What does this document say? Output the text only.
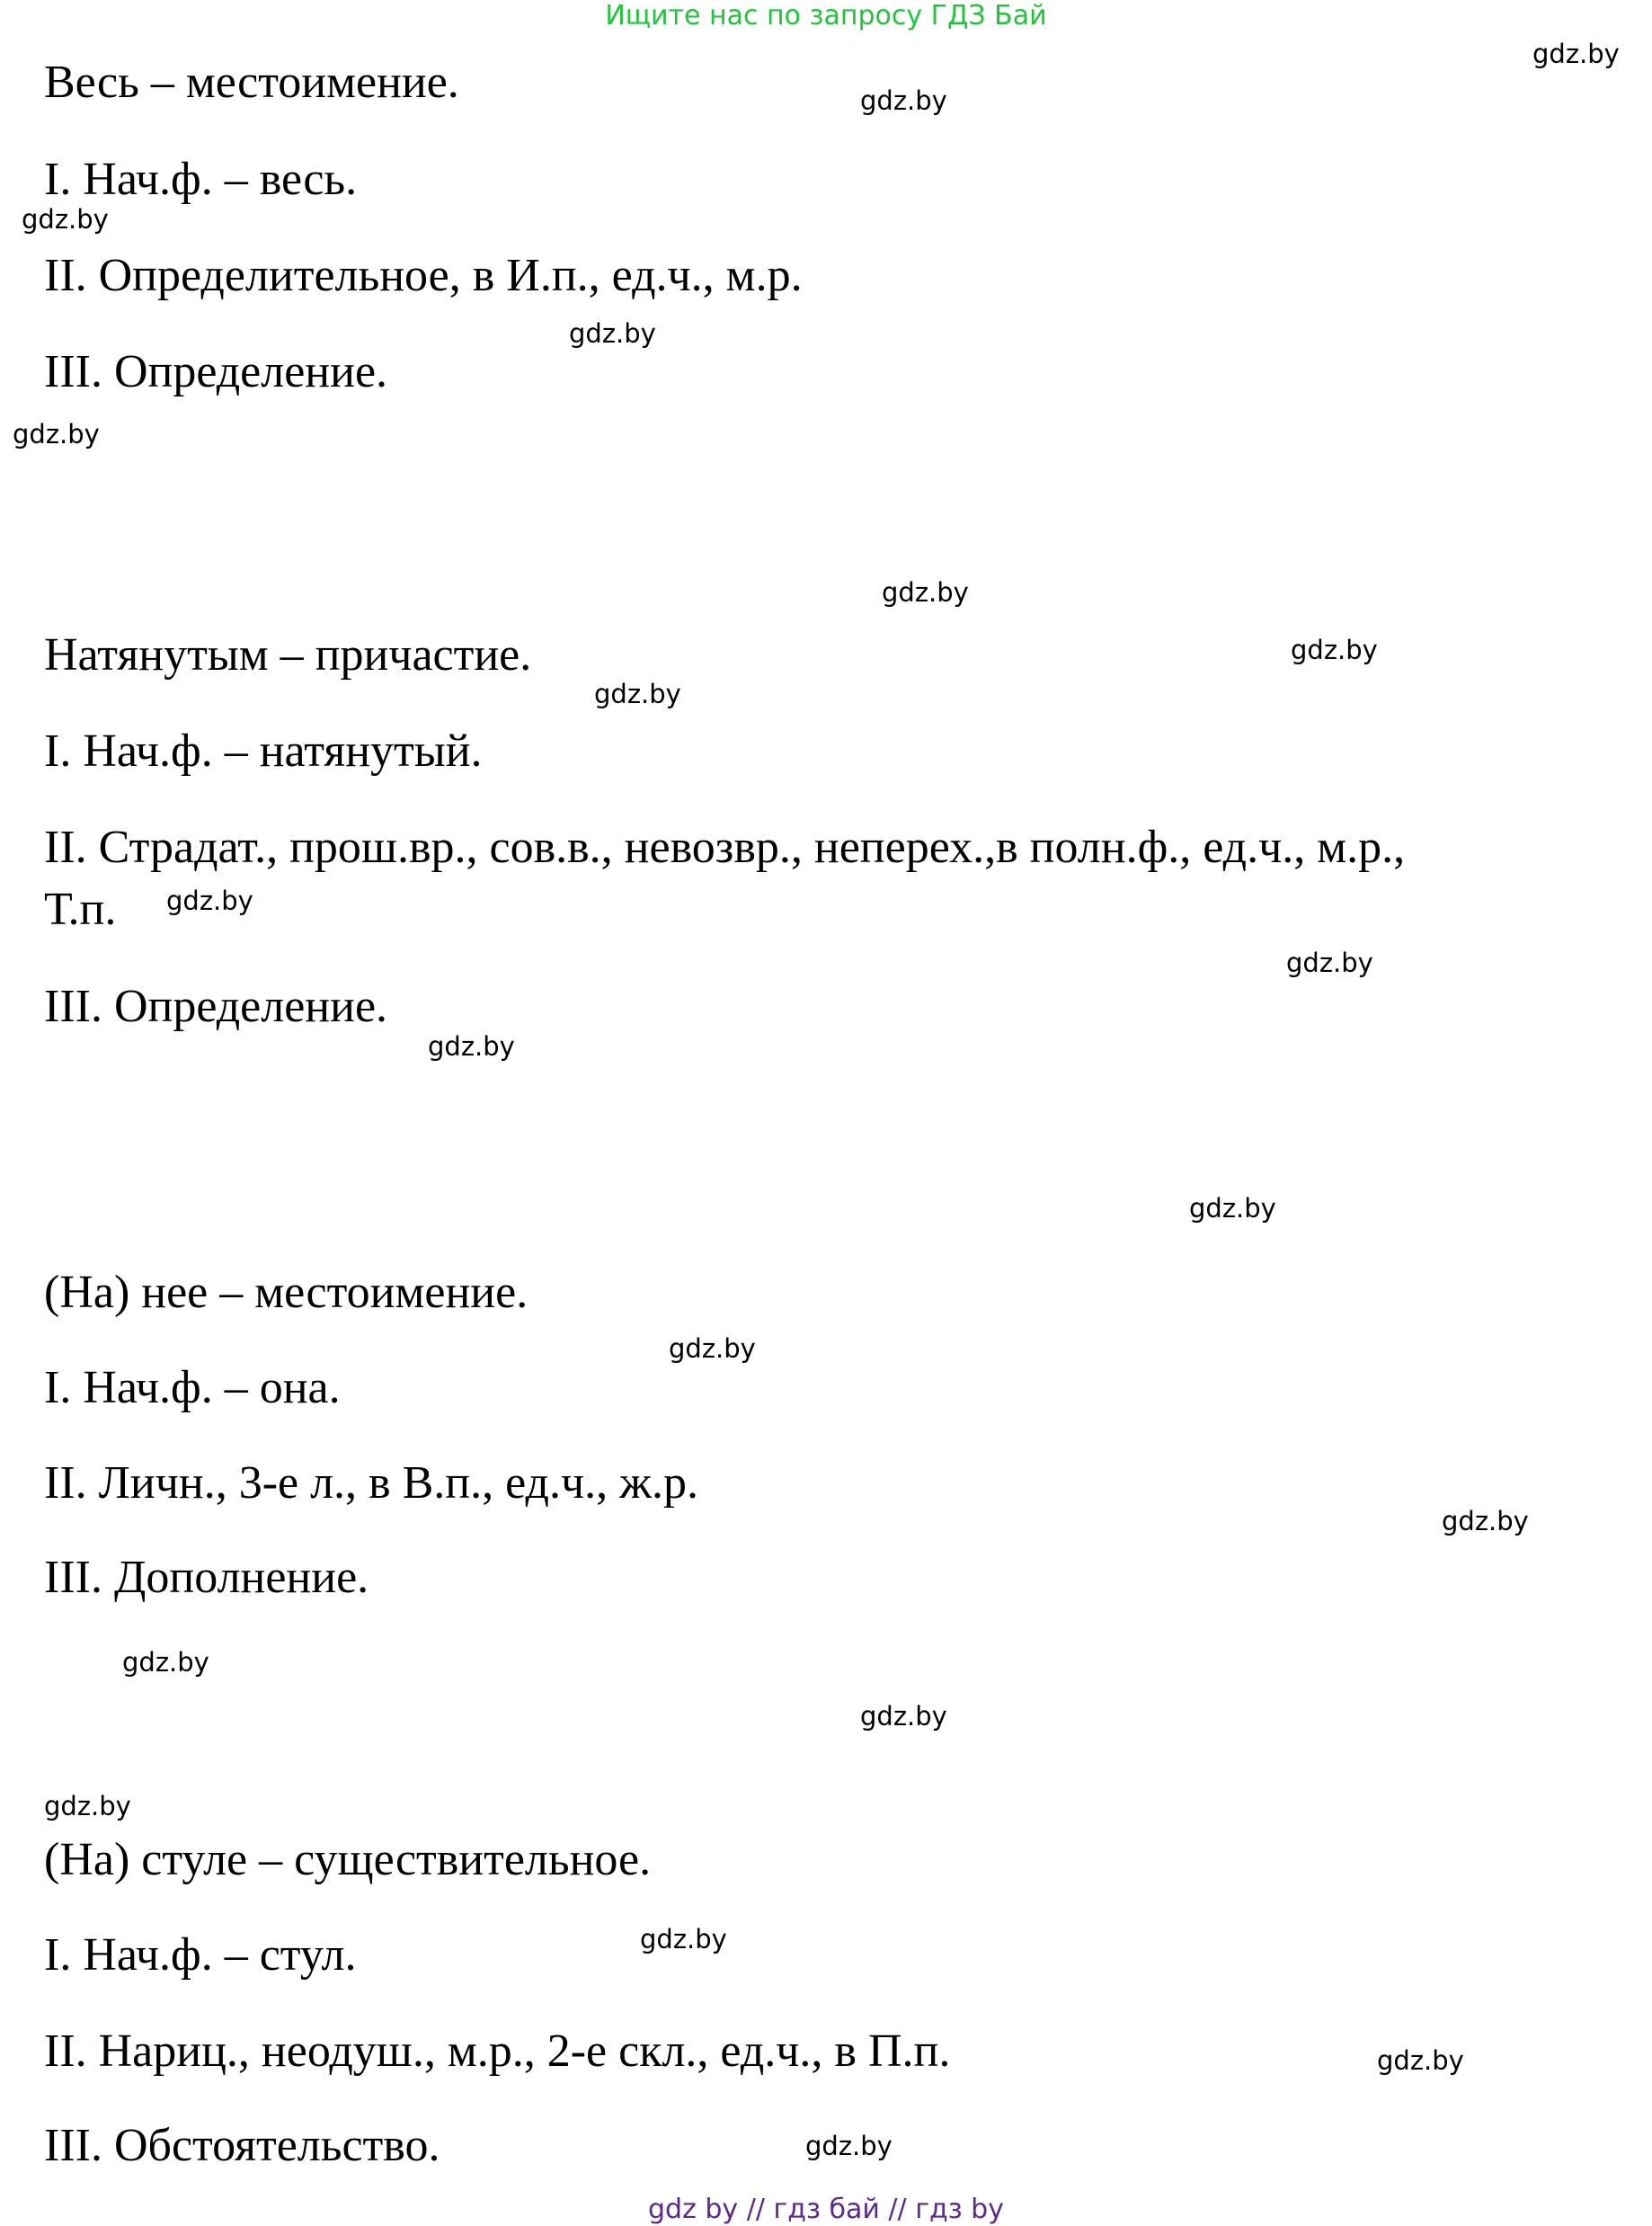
Ищите нас по запросу ГДЗ Бай
Весь – местоимение.
I. Нач.ф. – весь.
II. Определительное, в И.п., ед.ч., м.р.
III. Определение.
Натянутым – причастие.
I. Нач.ф. – натянутый.
II. Страдат., прош.вр., сов.в., невозвр., неперех.,в полн.ф., ед.ч., м.р.,
Т.п.
III. Определение.
(На) нее – местоимение.
I. Нач.ф. – она.
II. Личн., 3-е л., в В.п., ед.ч., ж.р.
III. Дополнение.
(На) стуле – существительное.
I. Нач.ф. – стул.
II. Нариц., неодуш., м.р., 2-е скл., ед.ч., в П.п.
III. Обстоятельство.
gdz.by
gdz.by
gdz.by
gdz.by
gdz.by
gdz.by
gdz.by
gdz.by
gdz.by
gdz.by
gdz.by
gdz.by
gdz.by
gdz.by
gdz.by
gdz.by
gdz.by
gdz.by
gdz.by
gdz.by
gdz by // гдз бай // гдз by
